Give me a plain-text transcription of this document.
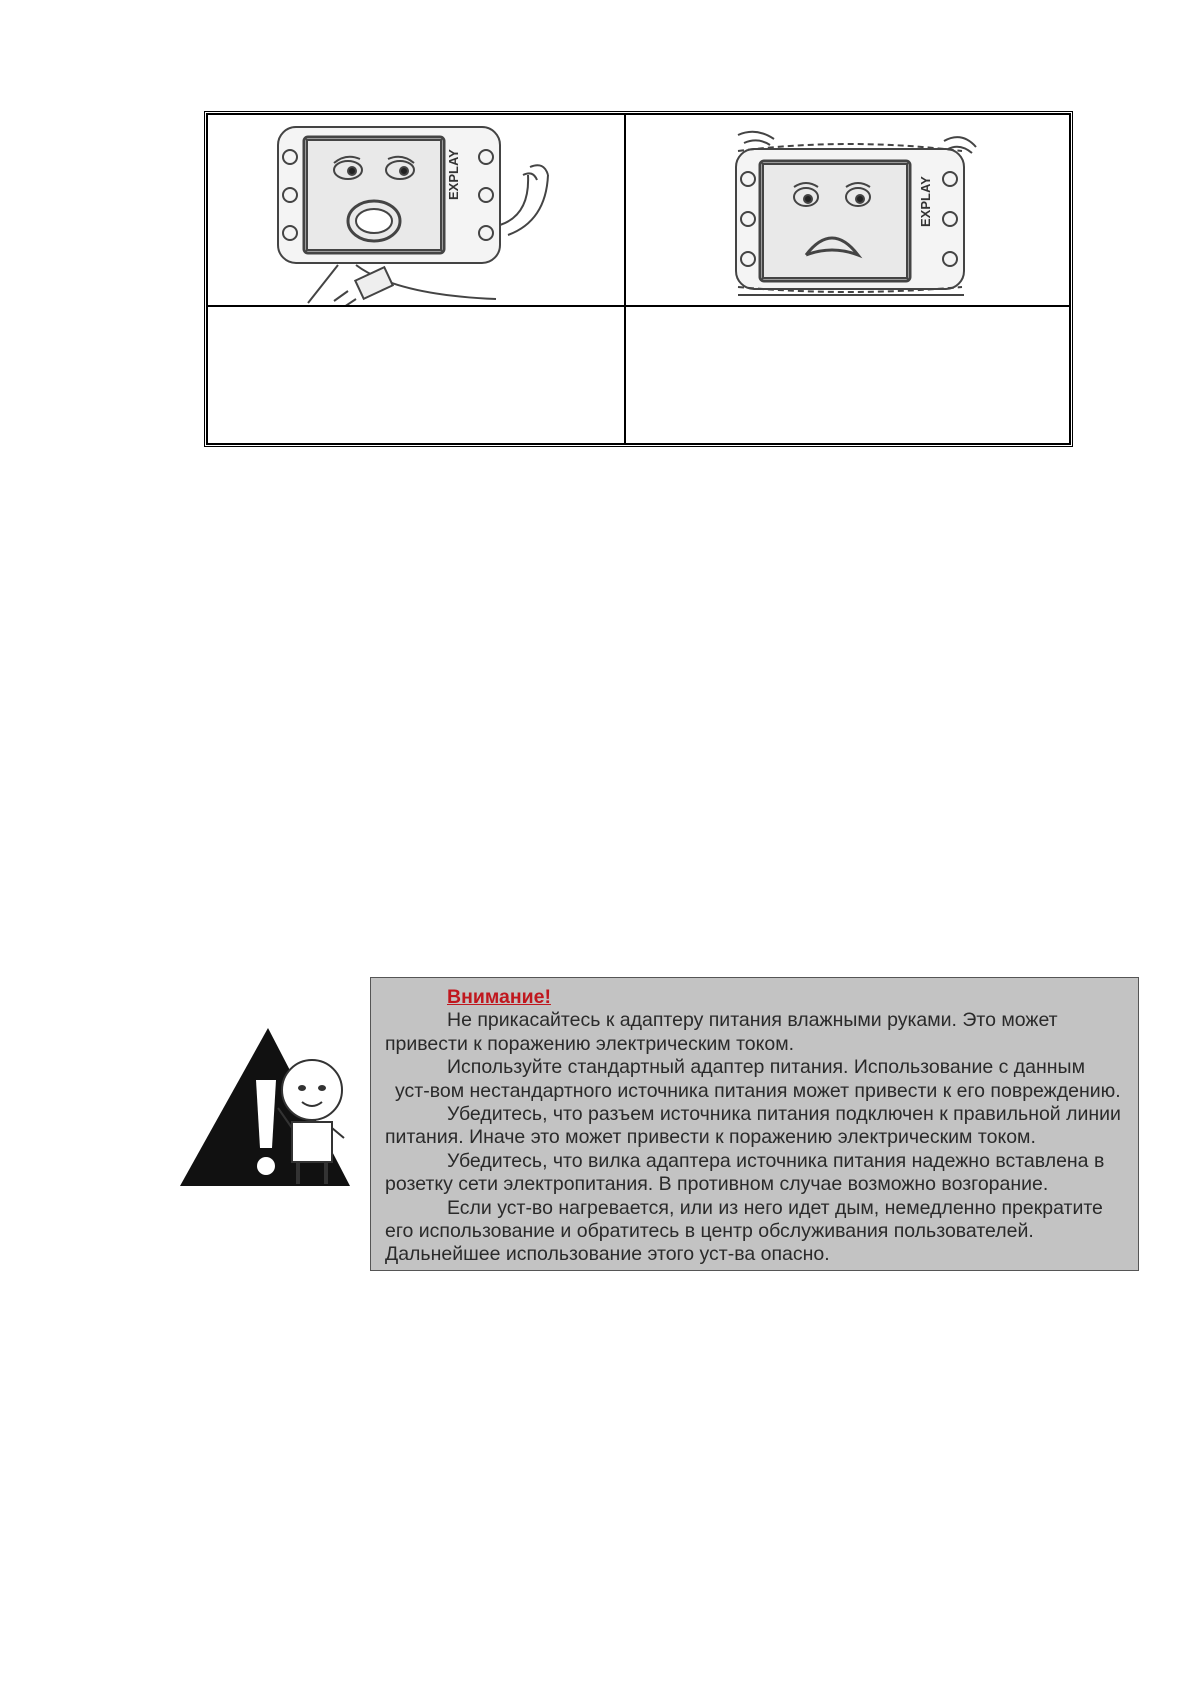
EXPLAY
EXPLAY

Внимание!

Не прикасайтесь к адаптеру питания влажными руками. Это может

привести к поражению электрическим током.

Используйте стандартный адаптер питания. Использование с данным

уст-вом нестандартного источника питания может привести к его повреждению.

Убедитесь, что разъем источника питания подключен к правильной линии

питания. Иначе это может привести к поражению электрическим током.

Убедитесь, что вилка адаптера источника питания надежно вставлена в

розетку сети электропитания. В противном случае возможно возгорание.

Если уст-во нагревается, или из него идет дым, немедленно прекратите

его использование и обратитесь в центр обслуживания пользователей.

Дальнейшее использование этого уст-ва опасно.
